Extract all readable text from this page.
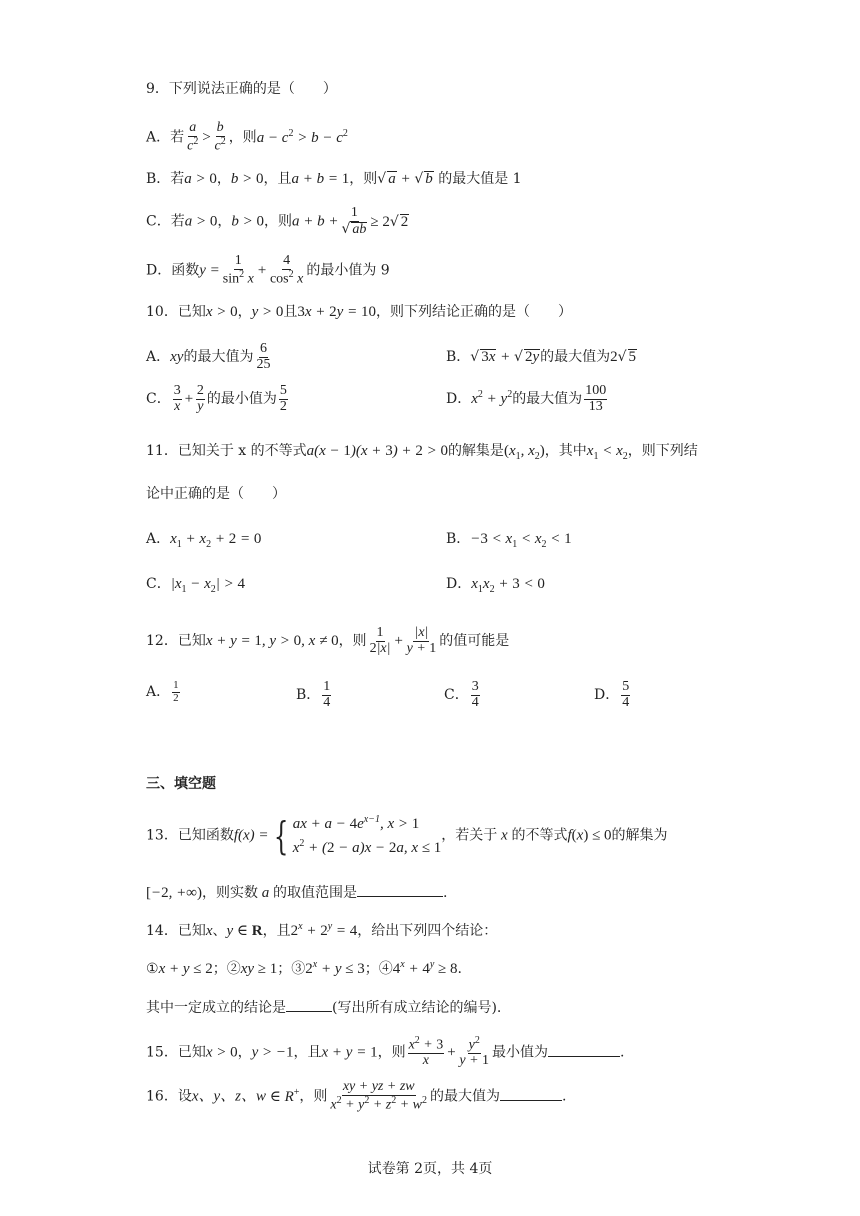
9．下列说法正确的是（　　）
A．若 $\frac{a}{c^2} > \frac{b}{c^2}$ ，则$a - c^2 > b - c^2$
B．若a > 0，b > 0，且a + b = 1，则√ a + √ b 的最大值是 1
C．若a > 0，b > 0，则$a + b + \frac{1}{√ ab} \ge 2√$ 2
D．函数$y = \frac{1}{\sin^2 x} + \frac{4}{\cos^2 x}$ 的最小值为 9
10．已知x > 0，y > 0且3x + 2y = 10，则下列结论正确的是（　　）
A．xy的最大值为 $\frac{6}{25}$	B．√ 3x + √ 2y的最大值为2√ 5
C． $\frac{3}{x} + \frac{2}{y}$ 的最小值为 $\frac{5}{2}$	D．$x^2 + y^2$的最大值为 $\frac{100}{13}$
11．已知关于 x 的不等式a(x − 1)(x + 3) + 2 > 0的解集是($x_1$, $x_2$)，其中$x_1 < x_2$，则下列结
论中正确的是（　　）
A．$x_1 + x_2 + 2 = 0$	B．$-3 < x_1 < x_2 < 1$
C．$|x_1 - x_2| > 4$	D．$x_1x_2 + 3 < 0$
12．已知x + y = 1, y > 0, x ≠ 0，则 $\frac{1}{2|x|} + \frac{|x|}{y + 1}$ 的值可能是
A． $\frac{1}{2}$	B． $\frac{1}{4}$	C． $\frac{3}{4}$	D． $\frac{5}{4}$
三、填空题
13．已知函数f(x) = { ax + $a - 4e^{x-1}$, x > 1
$x^2 + (2 - a)x - 2a$, x ≤ 1
，若关于 x 的不等式f(x) ≤ 0的解集为
[−2, +∞)，则实数 a 的取值范围是	.
14．已知x、y ∈ R，且$2^x + 2^y = 4$，给出下列四个结论：
①x + y ≤ 2；②xy ≥ 1；$③2^x + y \le 3$；$④4^x + 4^y \ge 8$.
其中一定成立的结论是	(写出所有成立结论的编号).
15．已知x > 0，y > −1，且x + y = 1，则 $\frac{x^2 + 3}{x} + \frac{y^2}{y + 1}$ 最小值为	.
16．设x、y、z、w ∈ R+，则 $\frac{xy + yz + zw}{x^2 + y^2 + z^2 + w^2}$ 的最大值为	.
试卷第 2页，共 4页
